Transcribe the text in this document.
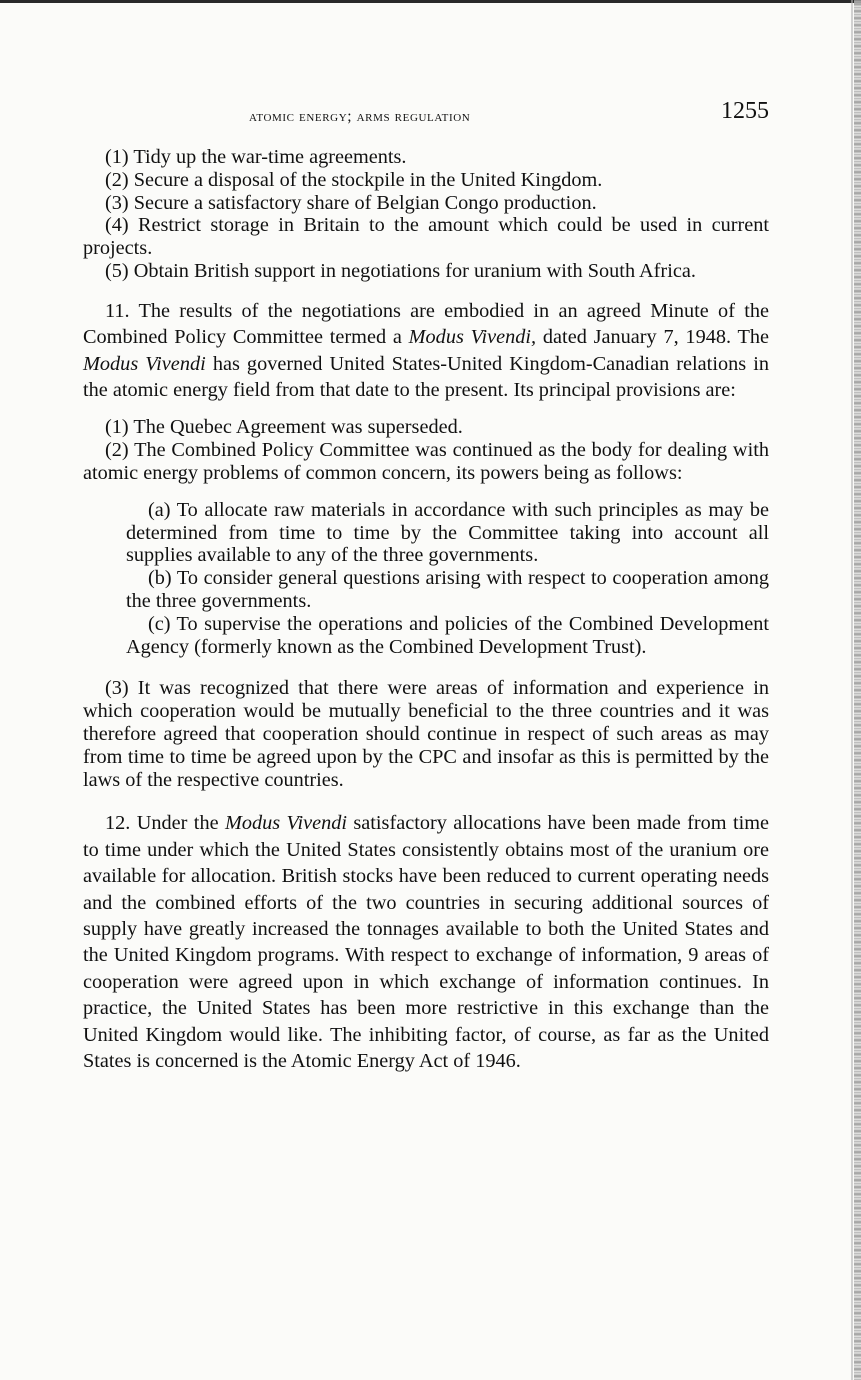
atomic energy; arms regulation	1255

(1) Tidy up the war-time agreements.

(2) Secure a disposal of the stockpile in the United Kingdom.

(3) Secure a satisfactory share of Belgian Congo production.

(4) Restrict storage in Britain to the amount which could be used in current projects.

(5) Obtain British support in negotiations for uranium with South Africa.

11. The results of the negotiations are embodied in an agreed Minute of the Combined Policy Committee termed a Modus Vivendi, dated January 7, 1948. The Modus Vivendi has governed United States-United Kingdom-Canadian relations in the atomic energy field from that date to the present. Its principal provisions are:

(1) The Quebec Agreement was superseded.

(2) The Combined Policy Committee was continued as the body for dealing with atomic energy problems of common concern, its powers being as follows:

(a) To allocate raw materials in accordance with such principles as may be determined from time to time by the Committee taking into account all supplies available to any of the three governments.

(b) To consider general questions arising with respect to cooperation among the three governments.

(c) To supervise the operations and policies of the Combined Development Agency (formerly known as the Combined Development Trust).

(3) It was recognized that there were areas of information and experience in which cooperation would be mutually beneficial to the three countries and it was therefore agreed that cooperation should continue in respect of such areas as may from time to time be agreed upon by the CPC and insofar as this is permitted by the laws of the respective countries.

12. Under the Modus Vivendi satisfactory allocations have been made from time to time under which the United States consistently obtains most of the uranium ore available for allocation. British stocks have been reduced to current operating needs and the combined efforts of the two countries in securing additional sources of supply have greatly increased the tonnages available to both the United States and the United Kingdom programs. With respect to exchange of information, 9 areas of cooperation were agreed upon in which exchange of information continues. In practice, the United States has been more restrictive in this exchange than the United Kingdom would like. The inhibiting factor, of course, as far as the United States is concerned is the Atomic Energy Act of 1946.
